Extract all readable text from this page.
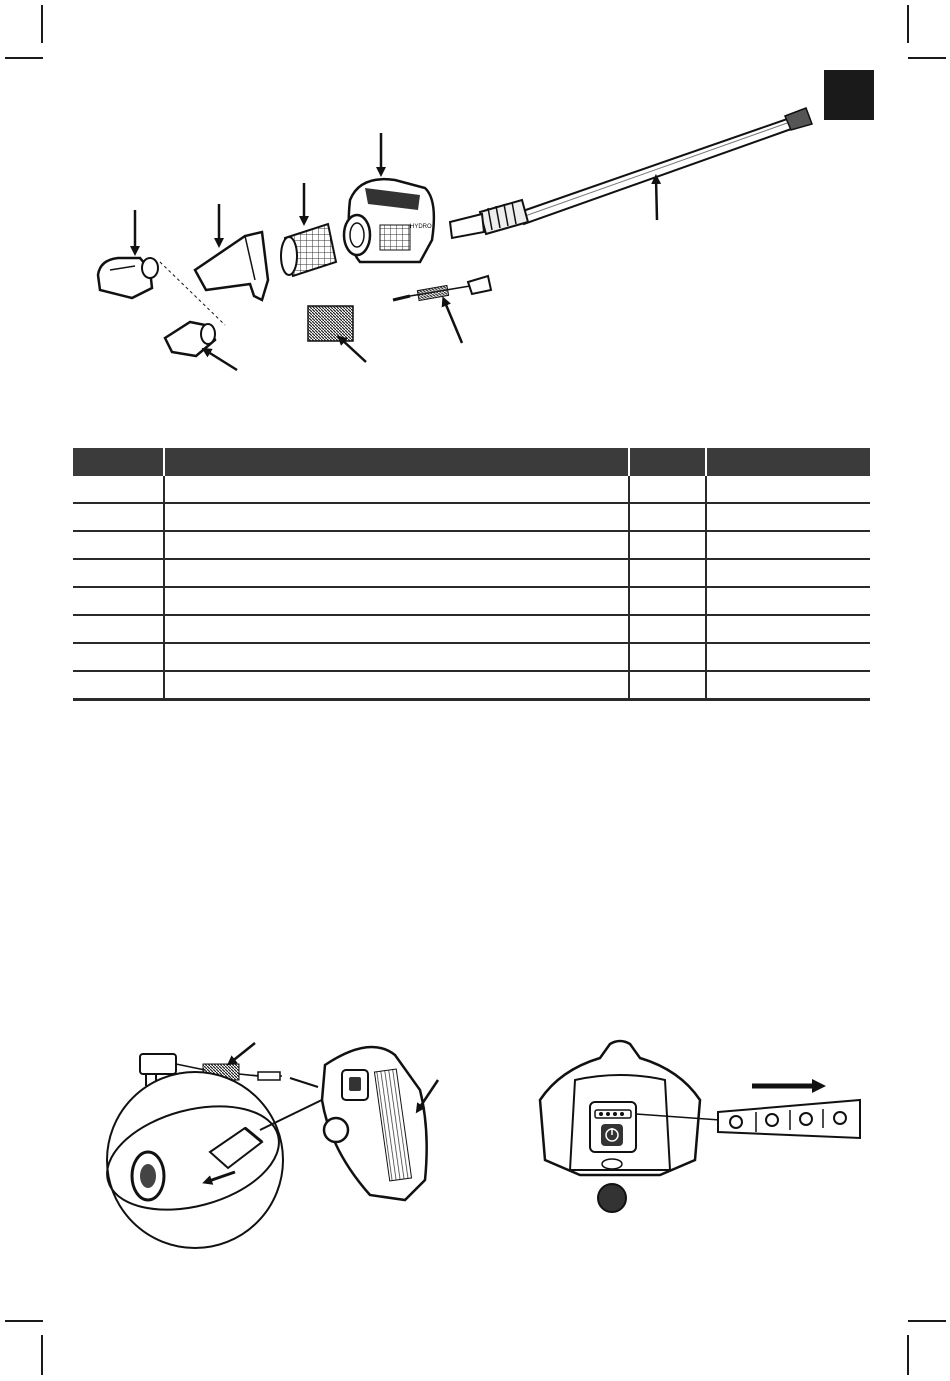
HYDRO
